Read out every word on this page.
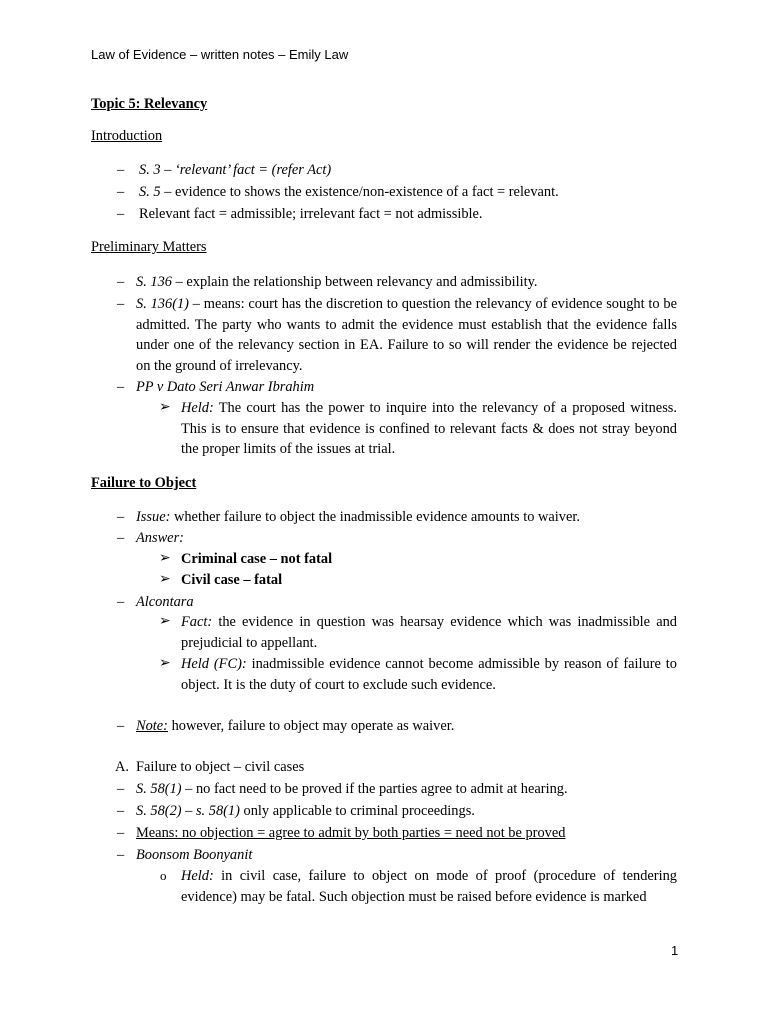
Law of Evidence – written notes – Emily Law
Topic 5: Relevancy
Introduction
– S. 3 – ‘relevant’ fact = (refer Act)
– S. 5 – evidence to shows the existence/non-existence of a fact = relevant.
– Relevant fact = admissible; irrelevant fact = not admissible.
Preliminary Matters
– S. 136 – explain the relationship between relevancy and admissibility.
– S. 136(1) – means: court has the discretion to question the relevancy of evidence sought to be admitted. The party who wants to admit the evidence must establish that the evidence falls under one of the relevancy section in EA. Failure to so will render the evidence be rejected on the ground of irrelevancy.
– PP v Dato Seri Anwar Ibrahim
➢ Held: The court has the power to inquire into the relevancy of a proposed witness. This is to ensure that evidence is confined to relevant facts & does not stray beyond the proper limits of the issues at trial.
Failure to Object
– Issue: whether failure to object the inadmissible evidence amounts to waiver.
– Answer:
➢ Criminal case – not fatal
➢ Civil case – fatal
– Alcontara
➢ Fact: the evidence in question was hearsay evidence which was inadmissible and prejudicial to appellant.
➢ Held (FC): inadmissible evidence cannot become admissible by reason of failure to object. It is the duty of court to exclude such evidence.
– Note: however, failure to object may operate as waiver.
A. Failure to object – civil cases
– S. 58(1) – no fact need to be proved if the parties agree to admit at hearing.
– S. 58(2) – s. 58(1) only applicable to criminal proceedings.
– Means: no objection = agree to admit by both parties = need not be proved
– Boonsom Boonyanit
o Held: in civil case, failure to object on mode of proof (procedure of tendering evidence) may be fatal. Such objection must be raised before evidence is marked
1
